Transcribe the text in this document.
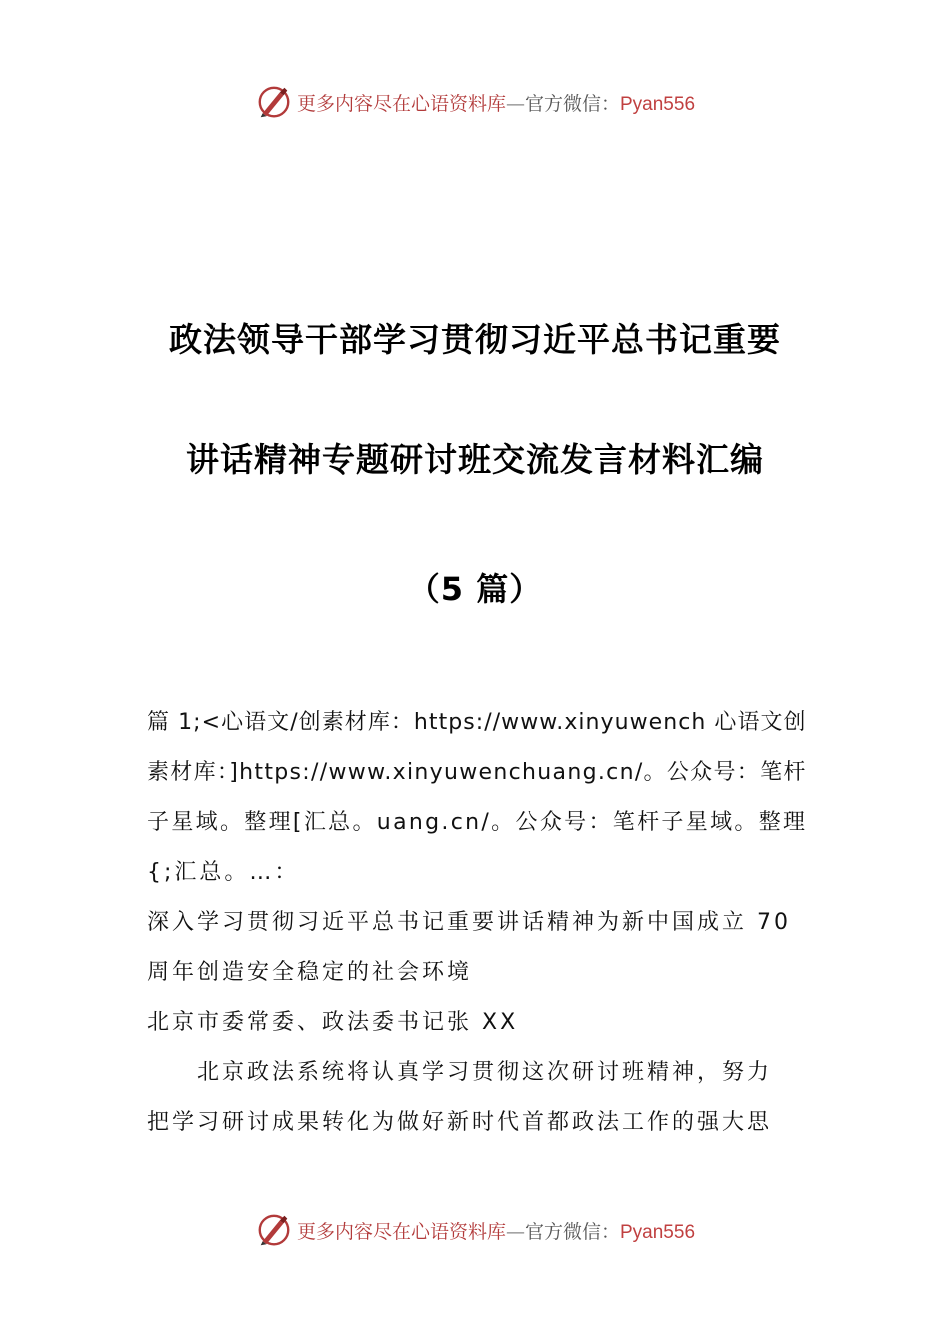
更多内容尽在心语资料库—官方微信：Pyan556
政法领导干部学习贯彻习近平总书记重要
讲话精神专题研讨班交流发言材料汇编
（5 篇）
篇 1;<心语文/创素材库：https://www.xinyuwench 心语文创
素材库：]https://www.xinyuwenchuang.cn/。公众号：笔杆
子星域。整理[汇总。uang.cn/。公众号：笔杆子星域。整理
{;汇总。…：
深入学习贯彻习近平总书记重要讲话精神为新中国成立 70
周年创造安全稳定的社会环境
北京市委常委、政法委书记张 XX
　　北京政法系统将认真学习贯彻这次研讨班精神，努力
把学习研讨成果转化为做好新时代首都政法工作的强大思
更多内容尽在心语资料库—官方微信：Pyan556
